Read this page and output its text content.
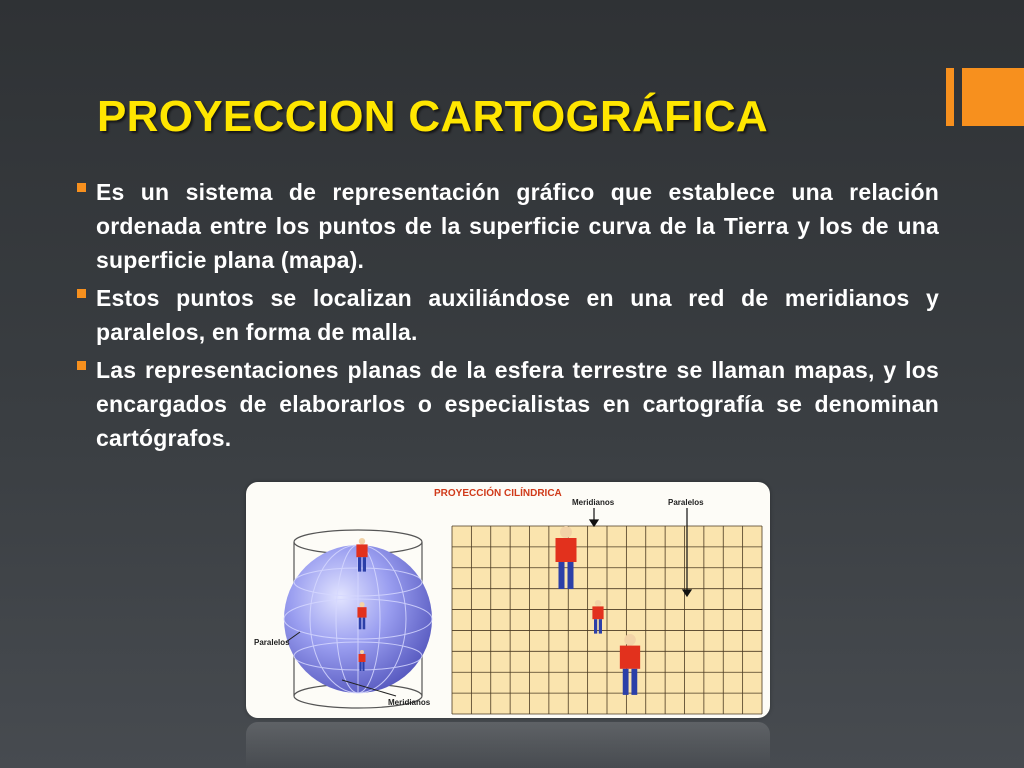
PROYECCION CARTOGRÁFICA
Es un sistema de representación gráfico que establece una relación ordenada entre los puntos de la superficie curva de la Tierra y los de una superficie plana (mapa).
Estos puntos se localizan auxiliándose en una red de meridianos y paralelos, en forma de malla.
Las representaciones planas de la esfera terrestre se llaman mapas, y los encargados de elaborarlos o especialistas en cartografía se denominan cartógrafos.
PROYECCIÓN CILÍNDRICA
Meridianos	Paralelos
Paralelos
Meridianos
